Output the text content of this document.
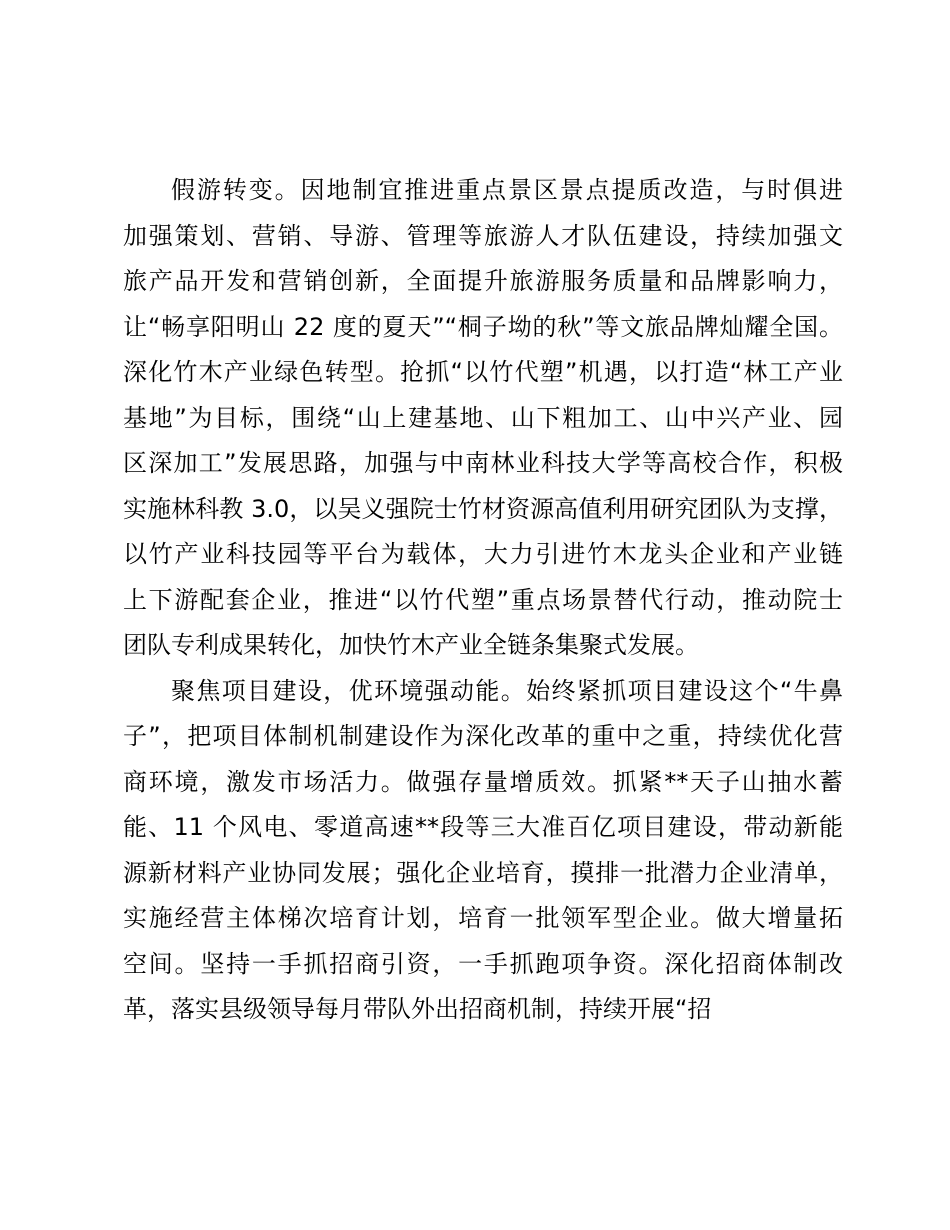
假游转变。因地制宜推进重点景区景点提质改造，与时俱进
加强策划、营销、导游、管理等旅游人才队伍建设，持续加强文
旅产品开发和营销创新，全面提升旅游服务质量和品牌影响力，
让“畅享阳明山 22 度的夏天”“桐子坳的秋”等文旅品牌灿耀全国。
深化竹木产业绿色转型。抢抓“以竹代塑”机遇，以打造“林工产业
基地”为目标，围绕“山上建基地、山下粗加工、山中兴产业、园
区深加工”发展思路，加强与中南林业科技大学等高校合作，积极
实施林科教 3.0，以吴义强院士竹材资源高值利用研究团队为支撑，
以竹产业科技园等平台为载体，大力引进竹木龙头企业和产业链
上下游配套企业，推进“以竹代塑”重点场景替代行动，推动院士
团队专利成果转化，加快竹木产业全链条集聚式发展。
聚焦项目建设，优环境强动能。始终紧抓项目建设这个“牛鼻
子”，把项目体制机制建设作为深化改革的重中之重，持续优化营
商环境，激发市场活力。做强存量增质效。抓紧**天子山抽水蓄
能、11 个风电、零道高速**段等三大准百亿项目建设，带动新能
源新材料产业协同发展；强化企业培育，摸排一批潜力企业清单，
实施经营主体梯次培育计划，培育一批领军型企业。做大增量拓
空间。坚持一手抓招商引资，一手抓跑项争资。深化招商体制改
革，落实县级领导每月带队外出招商机制，持续开展“招
